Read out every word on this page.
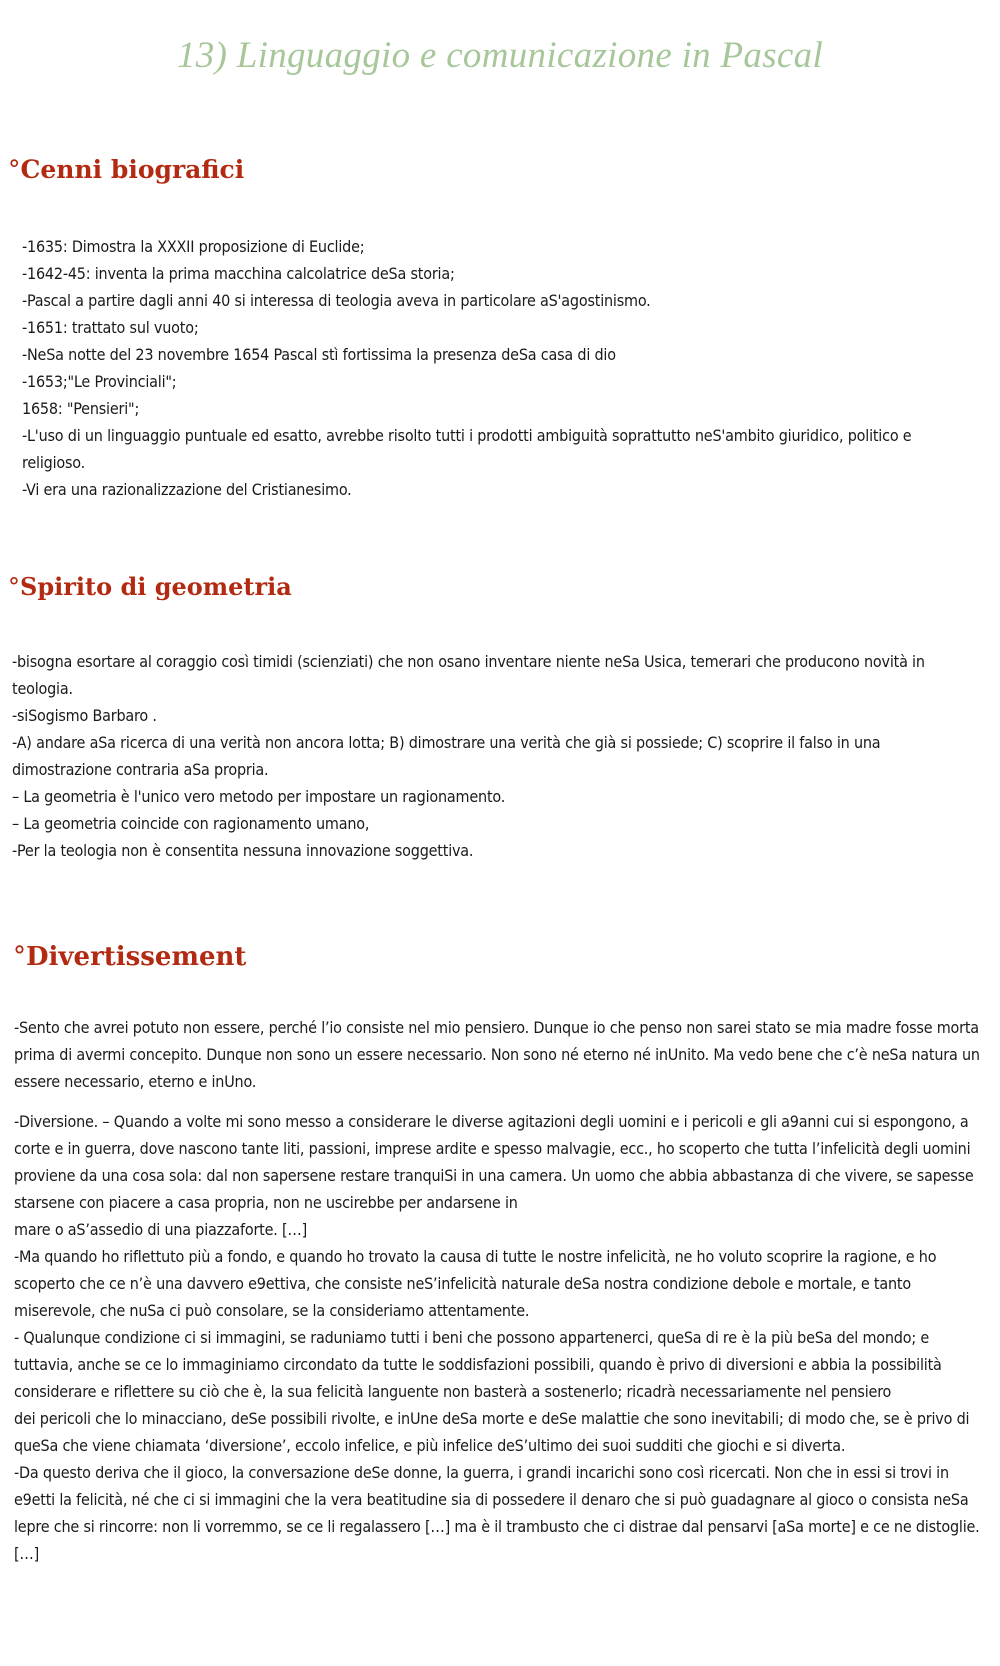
13) Linguaggio e comunicazione in Pascal
°Cenni biografici

-1635: Dimostra la XXXII proposizione di Euclide;

-1642-45: inventa la prima macchina calcolatrice deSa storia;

-Pascal a partire dagli anni 40 si interessa di teologia aveva in particolare aS'agostinismo.

-1651: trattato sul vuoto;

-NeSa notte del 23 novembre 1654 Pascal stì fortissima la presenza deSa casa di dio

-1653;"Le Provinciali";

1658: "Pensieri";

-L'uso di un linguaggio puntuale ed esatto, avrebbe risolto tutti i prodotti ambiguità soprattutto neS'ambito giuridico, politico e religioso.

-Vi era una razionalizzazione del Cristianesimo.

°Spirito di geometria

-bisogna esortare al coraggio così timidi (scienziati) che non osano inventare niente neSa Usica, temerari che producono novità in teologia.

-siSogismo Barbaro .

-A) andare aSa ricerca di una verità non ancora lotta; B) dimostrare una verità che già si possiede; C) scoprire il falso in una dimostrazione contraria aSa propria.

– La geometria è l'unico vero metodo per impostare un ragionamento.

– La geometria coincide con ragionamento umano,

-Per la teologia non è consentita nessuna innovazione soggettiva.

°Divertissement

-Sento che avrei potuto non essere, perché l’io consiste nel mio pensiero. Dunque io che penso non sarei stato se mia madre fosse morta prima di avermi concepito. Dunque non sono un essere necessario. Non sono né eterno né inUnito. Ma vedo bene che c’è neSa natura un essere necessario, eterno e inUno.

-Diversione. – Quando a volte mi sono messo a considerare le diverse agitazioni degli uomini e i pericoli e gli a9anni cui si espongono, a corte e in guerra, dove nascono tante liti, passioni, imprese ardite e spesso malvagie, ecc., ho scoperto che tutta l’infelicità degli uomini proviene da una cosa sola: dal non sapersene restare tranquiSi in una camera. Un uomo che abbia abbastanza di che vivere, se sapesse starsene con piacere a casa propria, non ne uscirebbe per andarsene in

mare o aS’assedio di una piazzaforte. […]

-Ma quando ho riflettuto più a fondo, e quando ho trovato la causa di tutte le nostre infelicità, ne ho voluto scoprire la ragione, e ho scoperto che ce n’è una davvero e9ettiva, che consiste neS’infelicità naturale deSa nostra condizione debole e mortale, e tanto miserevole, che nuSa ci può consolare, se la consideriamo attentamente.

- Qualunque condizione ci si immagini, se raduniamo tutti i beni che possono appartenerci, queSa di re è la più beSa del mondo; e tuttavia, anche se ce lo immaginiamo circondato da tutte le soddisfazioni possibili, quando è privo di diversioni e abbia la possibilità considerare e riflettere su ciò che è, la sua felicità languente non basterà a sostenerlo; ricadrà necessariamente nel pensiero

dei pericoli che lo minacciano, deSe possibili rivolte, e inUne deSa morte e deSe malattie che sono inevitabili; di modo che, se è privo di queSa che viene chiamata ‘diversione’, eccolo infelice, e più infelice deS’ultimo dei suoi sudditi che giochi e si diverta.

-Da questo deriva che il gioco, la conversazione deSe donne, la guerra, i grandi incarichi sono così ricercati. Non che in essi si trovi in e9etti la felicità, né che ci si immagini che la vera beatitudine sia di possedere il denaro che si può guadagnare al gioco o consista neSa lepre che si rincorre: non li vorremmo, se ce li regalassero […] ma è il trambusto che ci distrae dal pensarvi [aSa morte] e ce ne distoglie. […]
